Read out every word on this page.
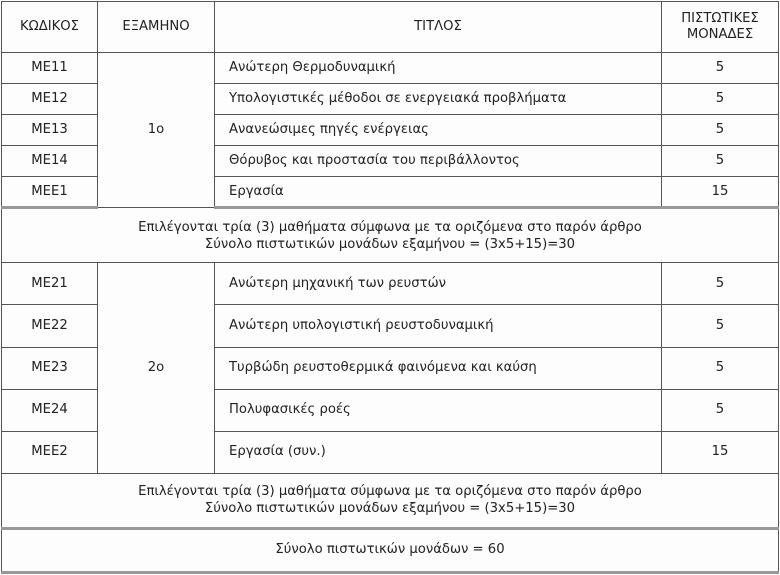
ΚΩΔΙΚΟΣ	ΕΞΑΜΗΝΟ	ΤΙΤΛΟΣ	ΠΙΣΤΩΤΙΚΕΣ
ΜΟΝΑΔΕΣ
ΜΕ11	1ο	Ανώτερη Θερμοδυναμική	5
ΜΕ12		Υπολογιστικές μέθοδοι σε ενεργειακά προβλήματα	5
ΜΕ13		Ανανεώσιμες πηγές ενέργειας	5
ΜΕ14		Θόρυβος και προστασία του περιβάλλοντος	5
ΜΕΕ1		Εργασία	15
Επιλέγονται τρία (3) μαθήματα σύμφωνα με τα οριζόμενα στο παρόν άρθρο
Σύνολο πιστωτικών μονάδων εξαμήνου = (3x5+15)=30			
ΜΕ21	2ο	Ανώτερη μηχανική των ρευστών	5
ΜΕ22		Ανώτερη υπολογιστική ρευστοδυναμική	5
ΜΕ23		Τυρβώδη ρευστοθερμικά φαινόμενα και καύση	5
ΜΕ24		Πολυφασικές ροές	5
ΜΕΕ2		Εργασία (συν.)	15
Επιλέγονται τρία (3) μαθήματα σύμφωνα με τα οριζόμενα στο παρόν άρθρο
Σύνολο πιστωτικών μονάδων εξαμήνου = (3x5+15)=30			
Σύνολο πιστωτικών μονάδων = 60			
